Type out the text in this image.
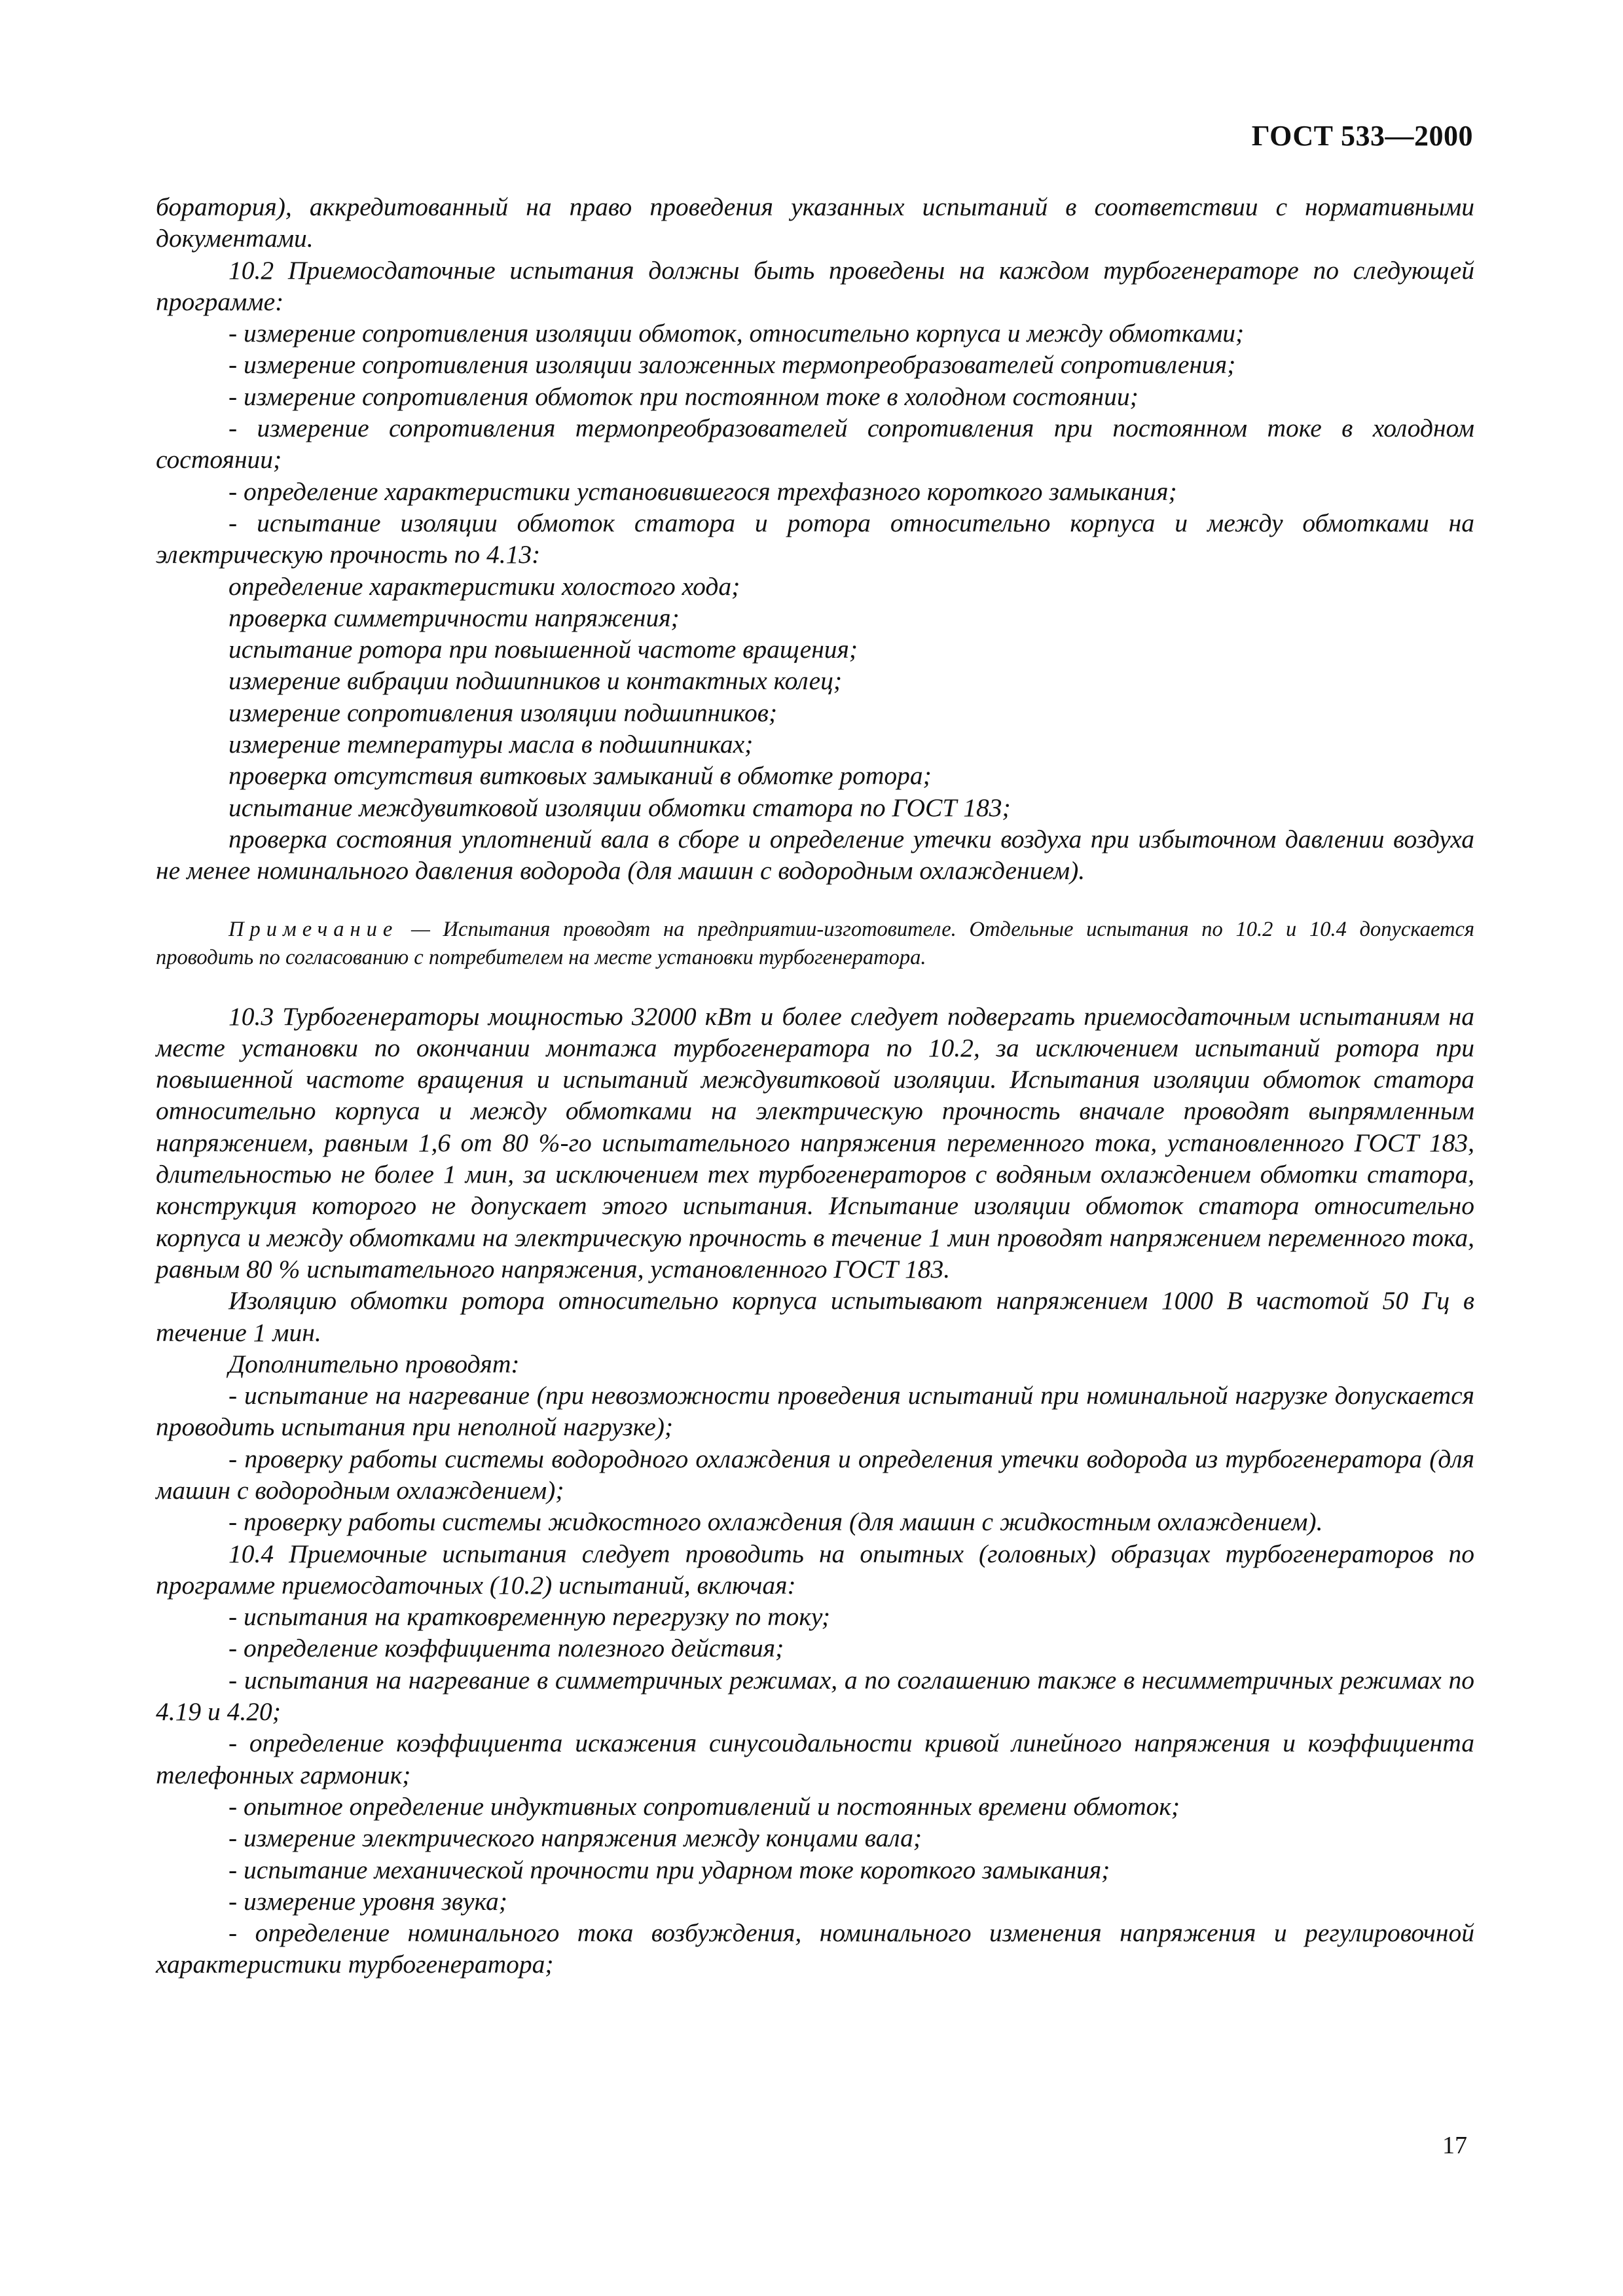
ГОСТ 533—2000

боратория), аккредитованный на право проведения указанных испытаний в соответствии с нормативными документами.

10.2 Приемосдаточные испытания должны быть проведены на каждом турбогенераторе по следующей программе:

- измерение сопротивления изоляции обмоток, относительно корпуса и между обмотками;

- измерение сопротивления изоляции заложенных термопреобразователей сопротивления;

- измерение сопротивления обмоток при постоянном токе в холодном состоянии;

- измерение сопротивления термопреобразователей сопротивления при постоянном токе в холодном состоянии;

- определение характеристики установившегося трехфазного короткого замыкания;

- испытание изоляции обмоток статора и ротора относительно корпуса и между обмотками на электрическую прочность по 4.13:

определение характеристики холостого хода;

проверка симметричности напряжения;

испытание ротора при повышенной частоте вращения;

измерение вибрации подшипников и контактных колец;

измерение сопротивления изоляции подшипников;

измерение температуры масла в подшипниках;

проверка отсутствия витковых замыканий в обмотке ротора;

испытание междувитковой изоляции обмотки статора по ГОСТ 183;

проверка состояния уплотнений вала в сборе и определение утечки воздуха при избыточном давлении воздуха не менее номинального давления водорода (для машин с водородным охлаждением).

Примечание — Испытания проводят на предприятии-изготовителе. Отдельные испытания по 10.2 и 10.4 допускается проводить по согласованию с потребителем на месте установки турбогенератора.

10.3 Турбогенераторы мощностью 32000 кВт и более следует подвергать приемосдаточным испытаниям на месте установки по окончании монтажа турбогенератора по 10.2, за исключением испытаний ротора при повышенной частоте вращения и испытаний междувитковой изоляции. Испытания изоляции обмоток статора относительно корпуса и между обмотками на электрическую прочность вначале проводят выпрямленным напряжением, равным 1,6 от 80 %-го испытательного напряжения переменного тока, установленного ГОСТ 183, длительностью не более 1 мин, за исключением тех турбогенераторов с водяным охлаждением обмотки статора, конструкция которого не допускает этого испытания. Испытание изоляции обмоток статора относительно корпуса и между обмотками на электрическую прочность в течение 1 мин проводят напряжением переменного тока, равным 80 % испытательного напряжения, установленного ГОСТ 183.

Изоляцию обмотки ротора относительно корпуса испытывают напряжением 1000 В частотой 50 Гц в течение 1 мин.

Дополнительно проводят:

- испытание на нагревание (при невозможности проведения испытаний при номинальной нагрузке допускается проводить испытания при неполной нагрузке);

- проверку работы системы водородного охлаждения и определения утечки водорода из турбогенератора (для машин с водородным охлаждением);

- проверку работы системы жидкостного охлаждения (для машин с жидкостным охлаждением).

10.4 Приемочные испытания следует проводить на опытных (головных) образцах турбогенераторов по программе приемосдаточных (10.2) испытаний, включая:

- испытания на кратковременную перегрузку по току;

- определение коэффициента полезного действия;

- испытания на нагревание в симметричных режимах, а по соглашению также в несимметричных режимах по 4.19 и 4.20;

- определение коэффициента искажения синусоидальности кривой линейного напряжения и коэффициента телефонных гармоник;

- опытное определение индуктивных сопротивлений и постоянных времени обмоток;

- измерение электрического напряжения между концами вала;

- испытание механической прочности при ударном токе короткого замыкания;

- измерение уровня звука;

- определение номинального тока возбуждения, номинального изменения напряжения и регулировочной характеристики турбогенератора;

17
